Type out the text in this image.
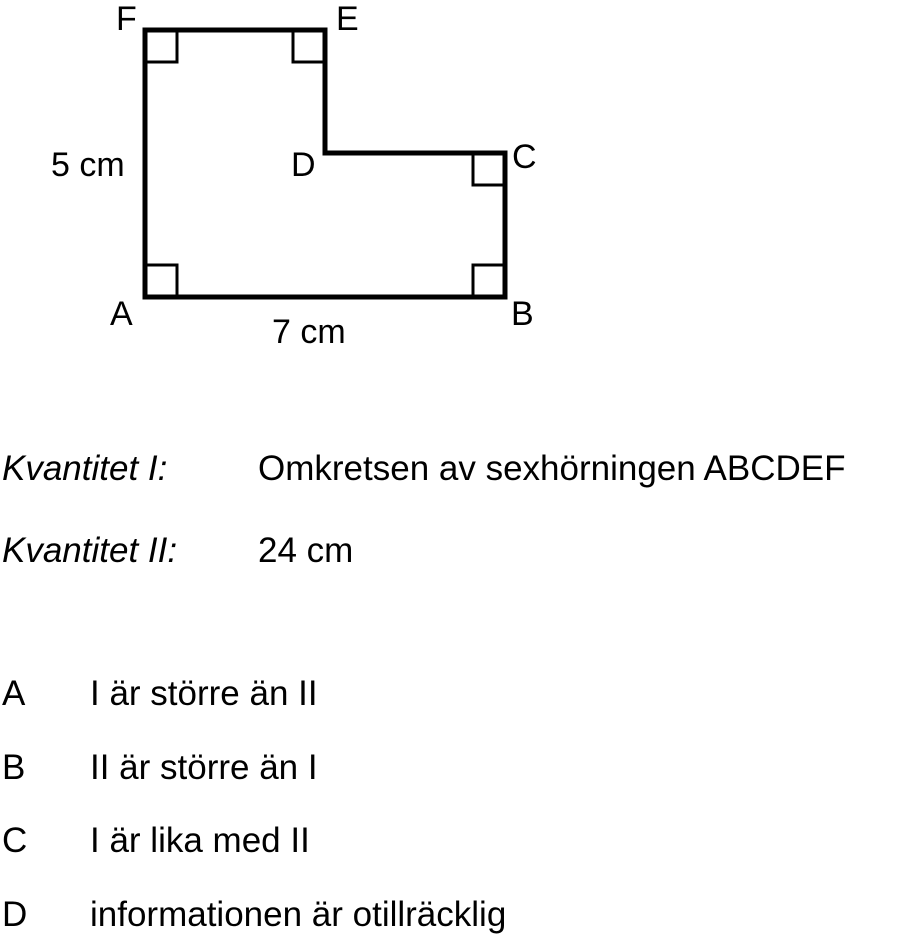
F	E
D	C
A	B
5 cm
7 cm
Kvantitet I:	Omkretsen av sexhörningen ABCDEF
Kvantitet II: 24 cm
A I är större än II
B II är större än I
C I är lika med II
D informationen är otillräcklig
